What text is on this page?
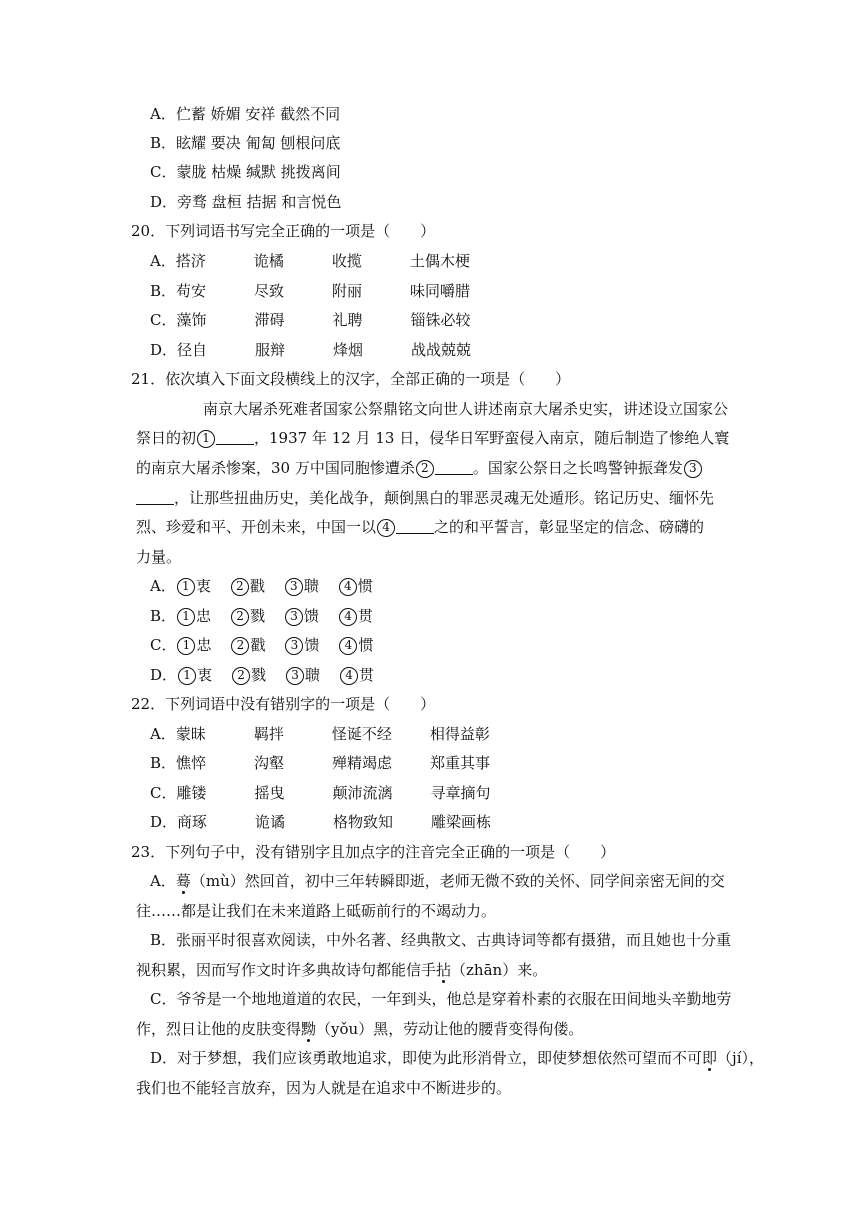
A．伫蓄 娇媚 安祥 截然不同
B．眩耀 要决 匍匐 刨根问底
C．蒙胧 枯燥 缄默 挑拨离间
D．旁骛 盘桓 拮据 和言悦色
20．下列词语书写完全正确的一项是（　　）
A．搭济	诡橘	收揽	土偶木梗
B．苟安	尽致	附丽	味同嚼腊
C．藻饰	滞碍	礼聘	锱铢必较
D．径自	服辩	烽烟	战战兢兢
21．依次填入下面文段横线上的汉字，全部正确的一项是（　　）
南京大屠杀死难者国家公祭鼎铭文向世人讲述南京大屠杀史实，讲述设立国家公
祭日的初 1	，1937 年 12 月 13 日，侵华日军野蛮侵入南京，随后制造了惨绝人寰
的南京大屠杀惨案，30 万中国同胞惨遭杀 2	。国家公祭日之长鸣警钟振聋发 3
，让那些扭曲历史，美化战争，颠倒黑白的罪恶灵魂无处遁形。铭记历史、缅怀先
烈、珍爱和平、开创未来，中国一以 4	之的和平誓言，彰显坚定的信念、磅礴的
力量。
A． 1 衷 2 戳 3 聩 4 惯
B． 1 忠 2 戮 3 馈 4 贯
C． 1 忠 2 戳 3 馈 4 惯
D． 1 衷 2 戮 3 聩 4 贯
22．下列词语中没有错别字的一项是（　　）
A．蒙昧	羁拌	怪诞不经	相得益彰
B．憔悴	沟壑	殚精竭虑	郑重其事
C．雕镂	摇曳	颠沛流漓	寻章摘句
D．商琢	诡谲	格物致知	雕梁画栋
23．下列句子中，没有错别字且加点字的注音完全正确的一项是（　　）
A．蓦（mù）然回首，初中三年转瞬即逝，老师无微不致的关怀、同学间亲密无间的交
往……都是让我们在未来道路上砥砺前行的不竭动力。
B．张丽平时很喜欢阅读，中外名著、经典散文、古典诗词等都有摄猎，而且她也十分重
视积累，因而写作文时许多典故诗句都能信手拈（zhān）来。
C．爷爷是一个地地道道的农民，一年到头，他总是穿着朴素的衣服在田间地头辛勤地劳
作，烈日让他的皮肤变得黝（yǒu）黑，劳动让他的腰背变得佝偻。
D．对于梦想，我们应该勇敢地追求，即使为此形消骨立，即使梦想依然可望而不可即（jí），
我们也不能轻言放弃，因为人就是在追求中不断进步的。
